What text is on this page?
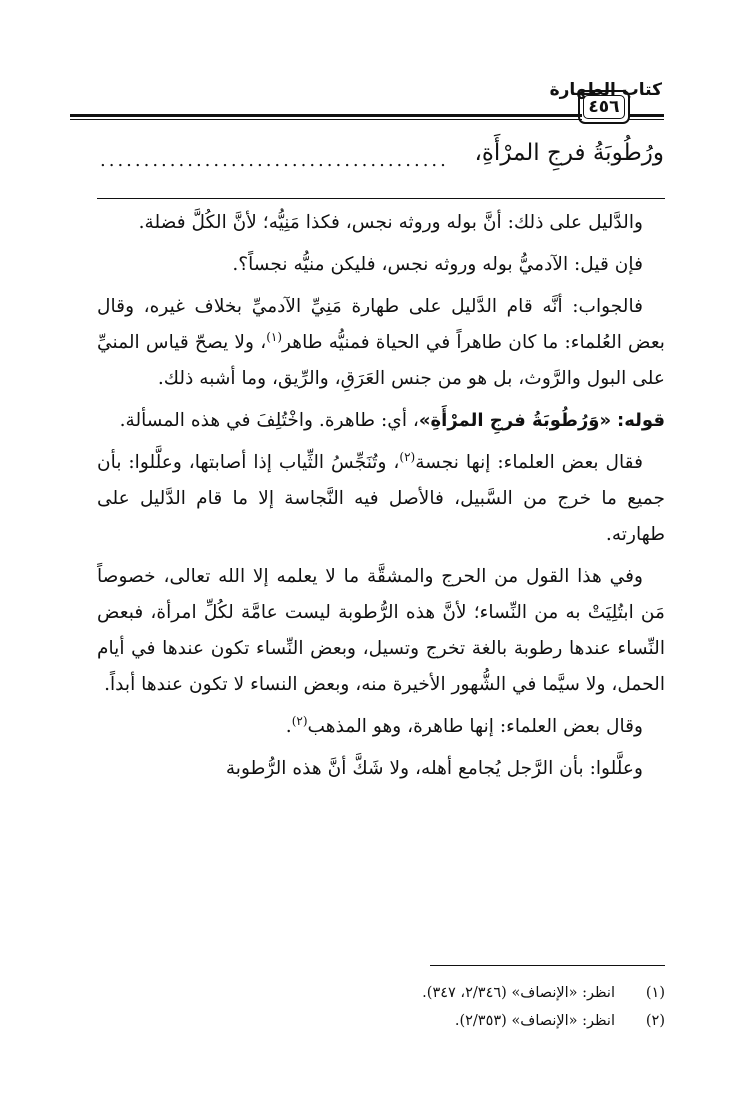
كتاب الطهارة
٤٥٦
ورُطُوبَةُ فرجِ المرْأَةِ،
........................................

والدَّليل على ذلك: أنَّ بوله وروثه نجس، فكذا مَنِيُّه؛ لأنَّ الكُلَّ فضلة.

فإن قيل: الآدميُّ بوله وروثه نجس، فليكن منيُّه نجساً؟.

فالجواب: أنَّه قام الدَّليل على طهارة مَنِيِّ الآدميِّ بخلاف غيره، وقال بعض العُلماء: ما كان طاهراً في الحياة فمنيُّه طاهر$^{(١)}$، ولا يصحّ قياس المنيِّ على البول والرَّوث، بل هو من جنس العَرَقِ، والرِّيق، وما أشبه ذلك.

قوله: «وَرُطُوبَةُ فرجِ المرْأَةِ»، أي: طاهرة. واخْتُلِفَ في هذه المسألة.

فقال بعض العلماء: إنها نجسة$^{(٢)}$، وتُنَجِّسُ الثِّياب إذا أصابتها، وعلَّلوا: بأن جميع ما خرج من السَّبيل، فالأصل فيه النَّجاسة إلا ما قام الدَّليل على طهارته.

وفي هذا القول من الحرج والمشقَّة ما لا يعلمه إلا الله تعالى، خصوصاً مَن ابتُلِيَتْ به من النِّساء؛ لأنَّ هذه الرُّطوبة ليست عامَّة لكُلِّ امرأة، فبعض النِّساء عندها رطوبة بالغة تخرج وتسيل، وبعض النِّساء تكون عندها في أيام الحمل، ولا سيَّما في الشُّهور الأخيرة منه، وبعض النساء لا تكون عندها أبداً.

وقال بعض العلماء: إنها طاهرة، وهو المذهب$^{(٢)}$.

وعلَّلوا: بأن الرَّجل يُجامع أهله، ولا شَكَّ أنَّ هذه الرُّطوبة

(١)
انظر: «الإنصاف» (٢/٣٤٦، ٣٤٧).
(٢)
انظر: «الإنصاف» (٢/٣٥٣).
